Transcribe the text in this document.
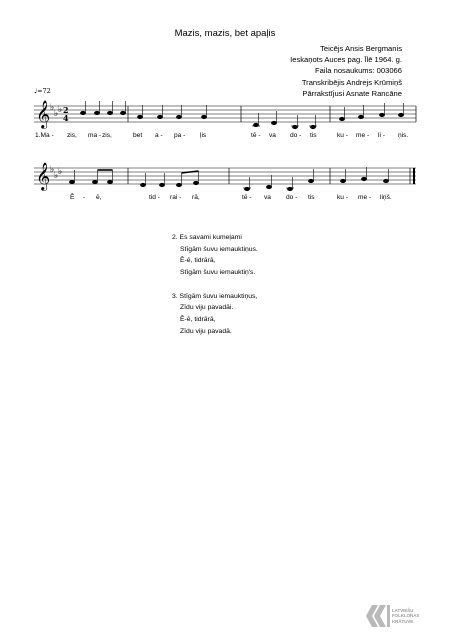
Mazis, mazis, bet apaļis
Teicējs Ansis Bergmanis
Ieskaņots Auces pag. Īlē 1964. g.
Faila nosaukums: 003066
Transkribējis Andrejs Krūmiņš
Pārrakstījusi Asnate Rancāne
♩=72
𝄞 ♭
♭ ♭ 2
4
𝄞 ♭
♭ ♭
1.Ma - zis, ma - zis,	bet a - pa - ļis	tē - va do - tis	ku - me - li - ņis.
Ē - ē,	tid - rai - rā,	tē - va do - tis	ku - me - liņš.
2. Es savami kumeļami
Stīgām šuvu iemauktiņus.
Ē-ē, tidrārā,
Stīgām šuvu iemauktiņ's.
3. Stīgām šuvu iemauktiņus,
Zīdu viju pavadāi.
Ē-ē, tidrārā,
Zīdu viju pavadā.
LATVIEŠU
FOLKLORAS
KRĀTUVE
